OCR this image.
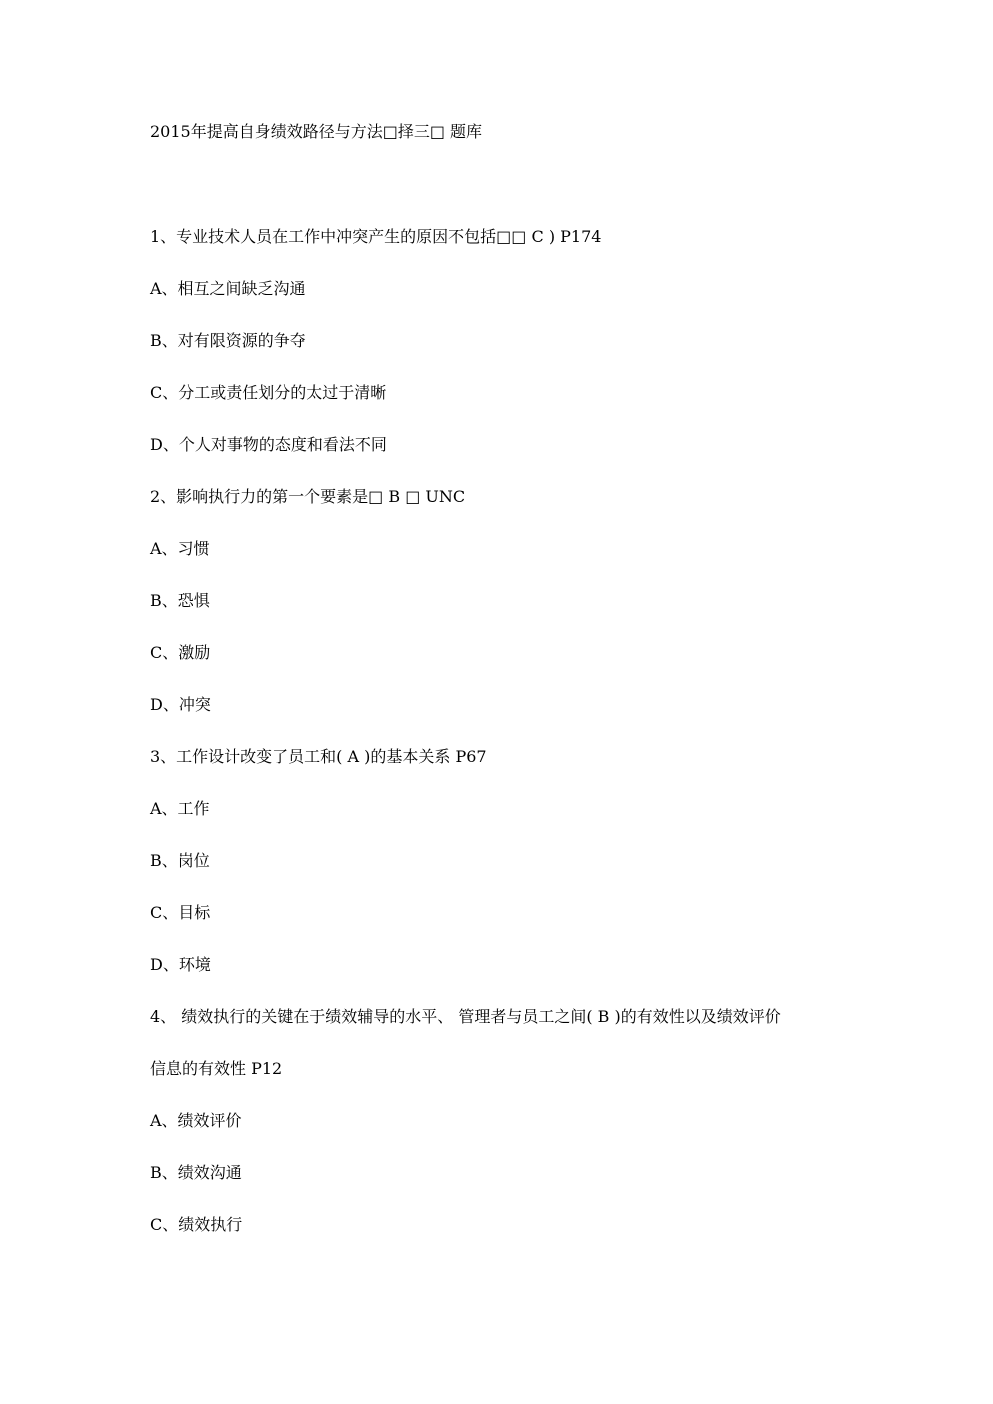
2015年提高自身绩效路径与方法□择三□ 题库
1、专业技术人员在工作中冲突产生的原因不包括□□ C ) P174
A、相互之间缺乏沟通
B、对有限资源的争夺
C、分工或责任划分的太过于清晰
D、个人对事物的态度和看法不同
2、影响执行力的第一个要素是□ B □ UNC
A、习惯
B、恐惧
C、激励
D、冲突
3、工作设计改变了员工和( A )的基本关系 P67
A、工作
B、岗位
C、目标
D、环境
4、 绩效执行的关键在于绩效辅导的水平、 管理者与员工之间( B )的有效性以及绩效评价
信息的有效性 P12
A、绩效评价
B、绩效沟通
C、绩效执行
